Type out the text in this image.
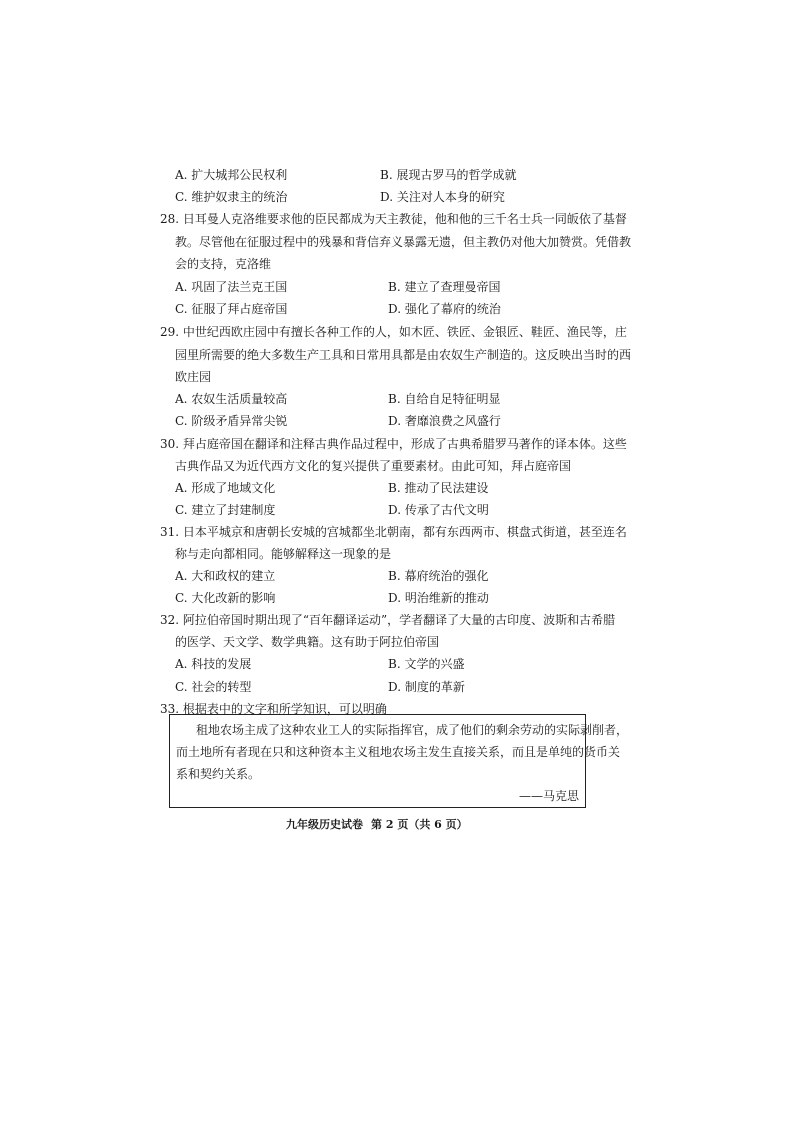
A. 扩大城邦公民权利	B. 展现古罗马的哲学成就
C. 维护奴隶主的统治	D. 关注对人本身的研究
28. 日耳曼人克洛维要求他的臣民都成为天主教徒，他和他的三千名士兵一同皈依了基督
教。尽管他在征服过程中的残暴和背信弃义暴露无遗，但主教仍对他大加赞赏。凭借教
会的支持，克洛维
A. 巩固了法兰克王国	B. 建立了查理曼帝国
C. 征服了拜占庭帝国	D. 强化了幕府的统治
29. 中世纪西欧庄园中有擅长各种工作的人，如木匠、铁匠、金银匠、鞋匠、渔民等，庄
园里所需要的绝大多数生产工具和日常用具都是由农奴生产制造的。这反映出当时的西
欧庄园
A. 农奴生活质量较高	B. 自给自足特征明显
C. 阶级矛盾异常尖锐	D. 奢靡浪费之风盛行
30. 拜占庭帝国在翻译和注释古典作品过程中，形成了古典希腊罗马著作的译本体。这些
古典作品又为近代西方文化的复兴提供了重要素材。由此可知，拜占庭帝国
A. 形成了地域文化	B. 推动了民法建设
C. 建立了封建制度	D. 传承了古代文明
31. 日本平城京和唐朝长安城的宫城都坐北朝南，都有东西两市、棋盘式街道，甚至连名
称与走向都相同。能够解释这一现象的是
A. 大和政权的建立	B. 幕府统治的强化
C. 大化改新的影响	D. 明治维新的推动
32. 阿拉伯帝国时期出现了“百年翻译运动”，学者翻译了大量的古印度、波斯和古希腊
的医学、天文学、数学典籍。这有助于阿拉伯帝国
A. 科技的发展	B. 文学的兴盛
C. 社会的转型	D. 制度的革新
33. 根据表中的文字和所学知识，可以明确
租地农场主成了这种农业工人的实际指挥官，成了他们的剩余劳动的实际剥削者，
而土地所有者现在只和这种资本主义租地农场主发生直接关系，而且是单纯的货币关
系和契约关系。
——马克思
九年级历史试卷 第 2 页（共 6 页）
